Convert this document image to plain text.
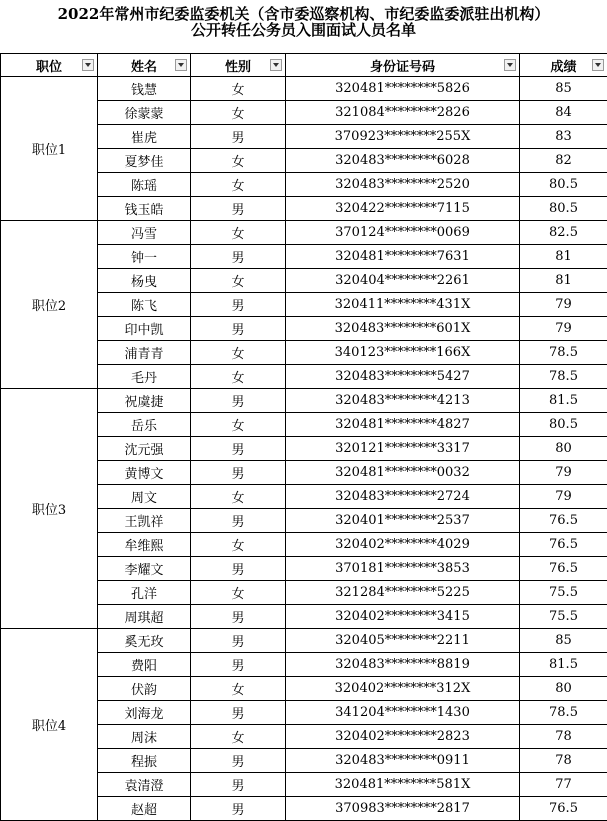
2022年常州市纪委监委机关（含市委巡察机构、市纪委监委派驻出机构）
公开转任公务员入围面试人员名单
职位	姓名	性别	身份证号码	成绩

职位1	钱慧	女	320481********5826	85
	徐蒙蒙	女	321084********2826	84
	崔虎	男	370923********255X	83
	夏梦佳	女	320483********6028	82
	陈瑶	女	320483********2520	80.5
	钱玉皓	男	320422********7115	80.5
职位2	冯雪	女	370124********0069	82.5
	钟一	男	320481********7631	81
	杨曳	女	320404********2261	81
	陈飞	男	320411********431X	79
	印中凯	男	320483********601X	79
	浦青青	女	340123********166X	78.5
	毛丹	女	320483********5427	78.5
职位3	祝虞捷	男	320483********4213	81.5
	岳乐	女	320481********4827	80.5
	沈元强	男	320121********3317	80
	黄博文	男	320481********0032	79
	周文	女	320483********2724	79
	王凯祥	男	320401********2537	76.5
	牟维熙	女	320402********4029	76.5
	李耀文	男	370181********3853	76.5
	孔洋	女	321284********5225	75.5
	周琪超	男	320402********3415	75.5
职位4	奚无玫	男	320405********2211	85
	费阳	男	320483********8819	81.5
	伏韵	女	320402********312X	80
	刘海龙	男	341204********1430	78.5
	周沫	女	320402********2823	78
	程振	男	320483********0911	78
	袁清澄	男	320481********581X	77
	赵超	男	370983********2817	76.5
